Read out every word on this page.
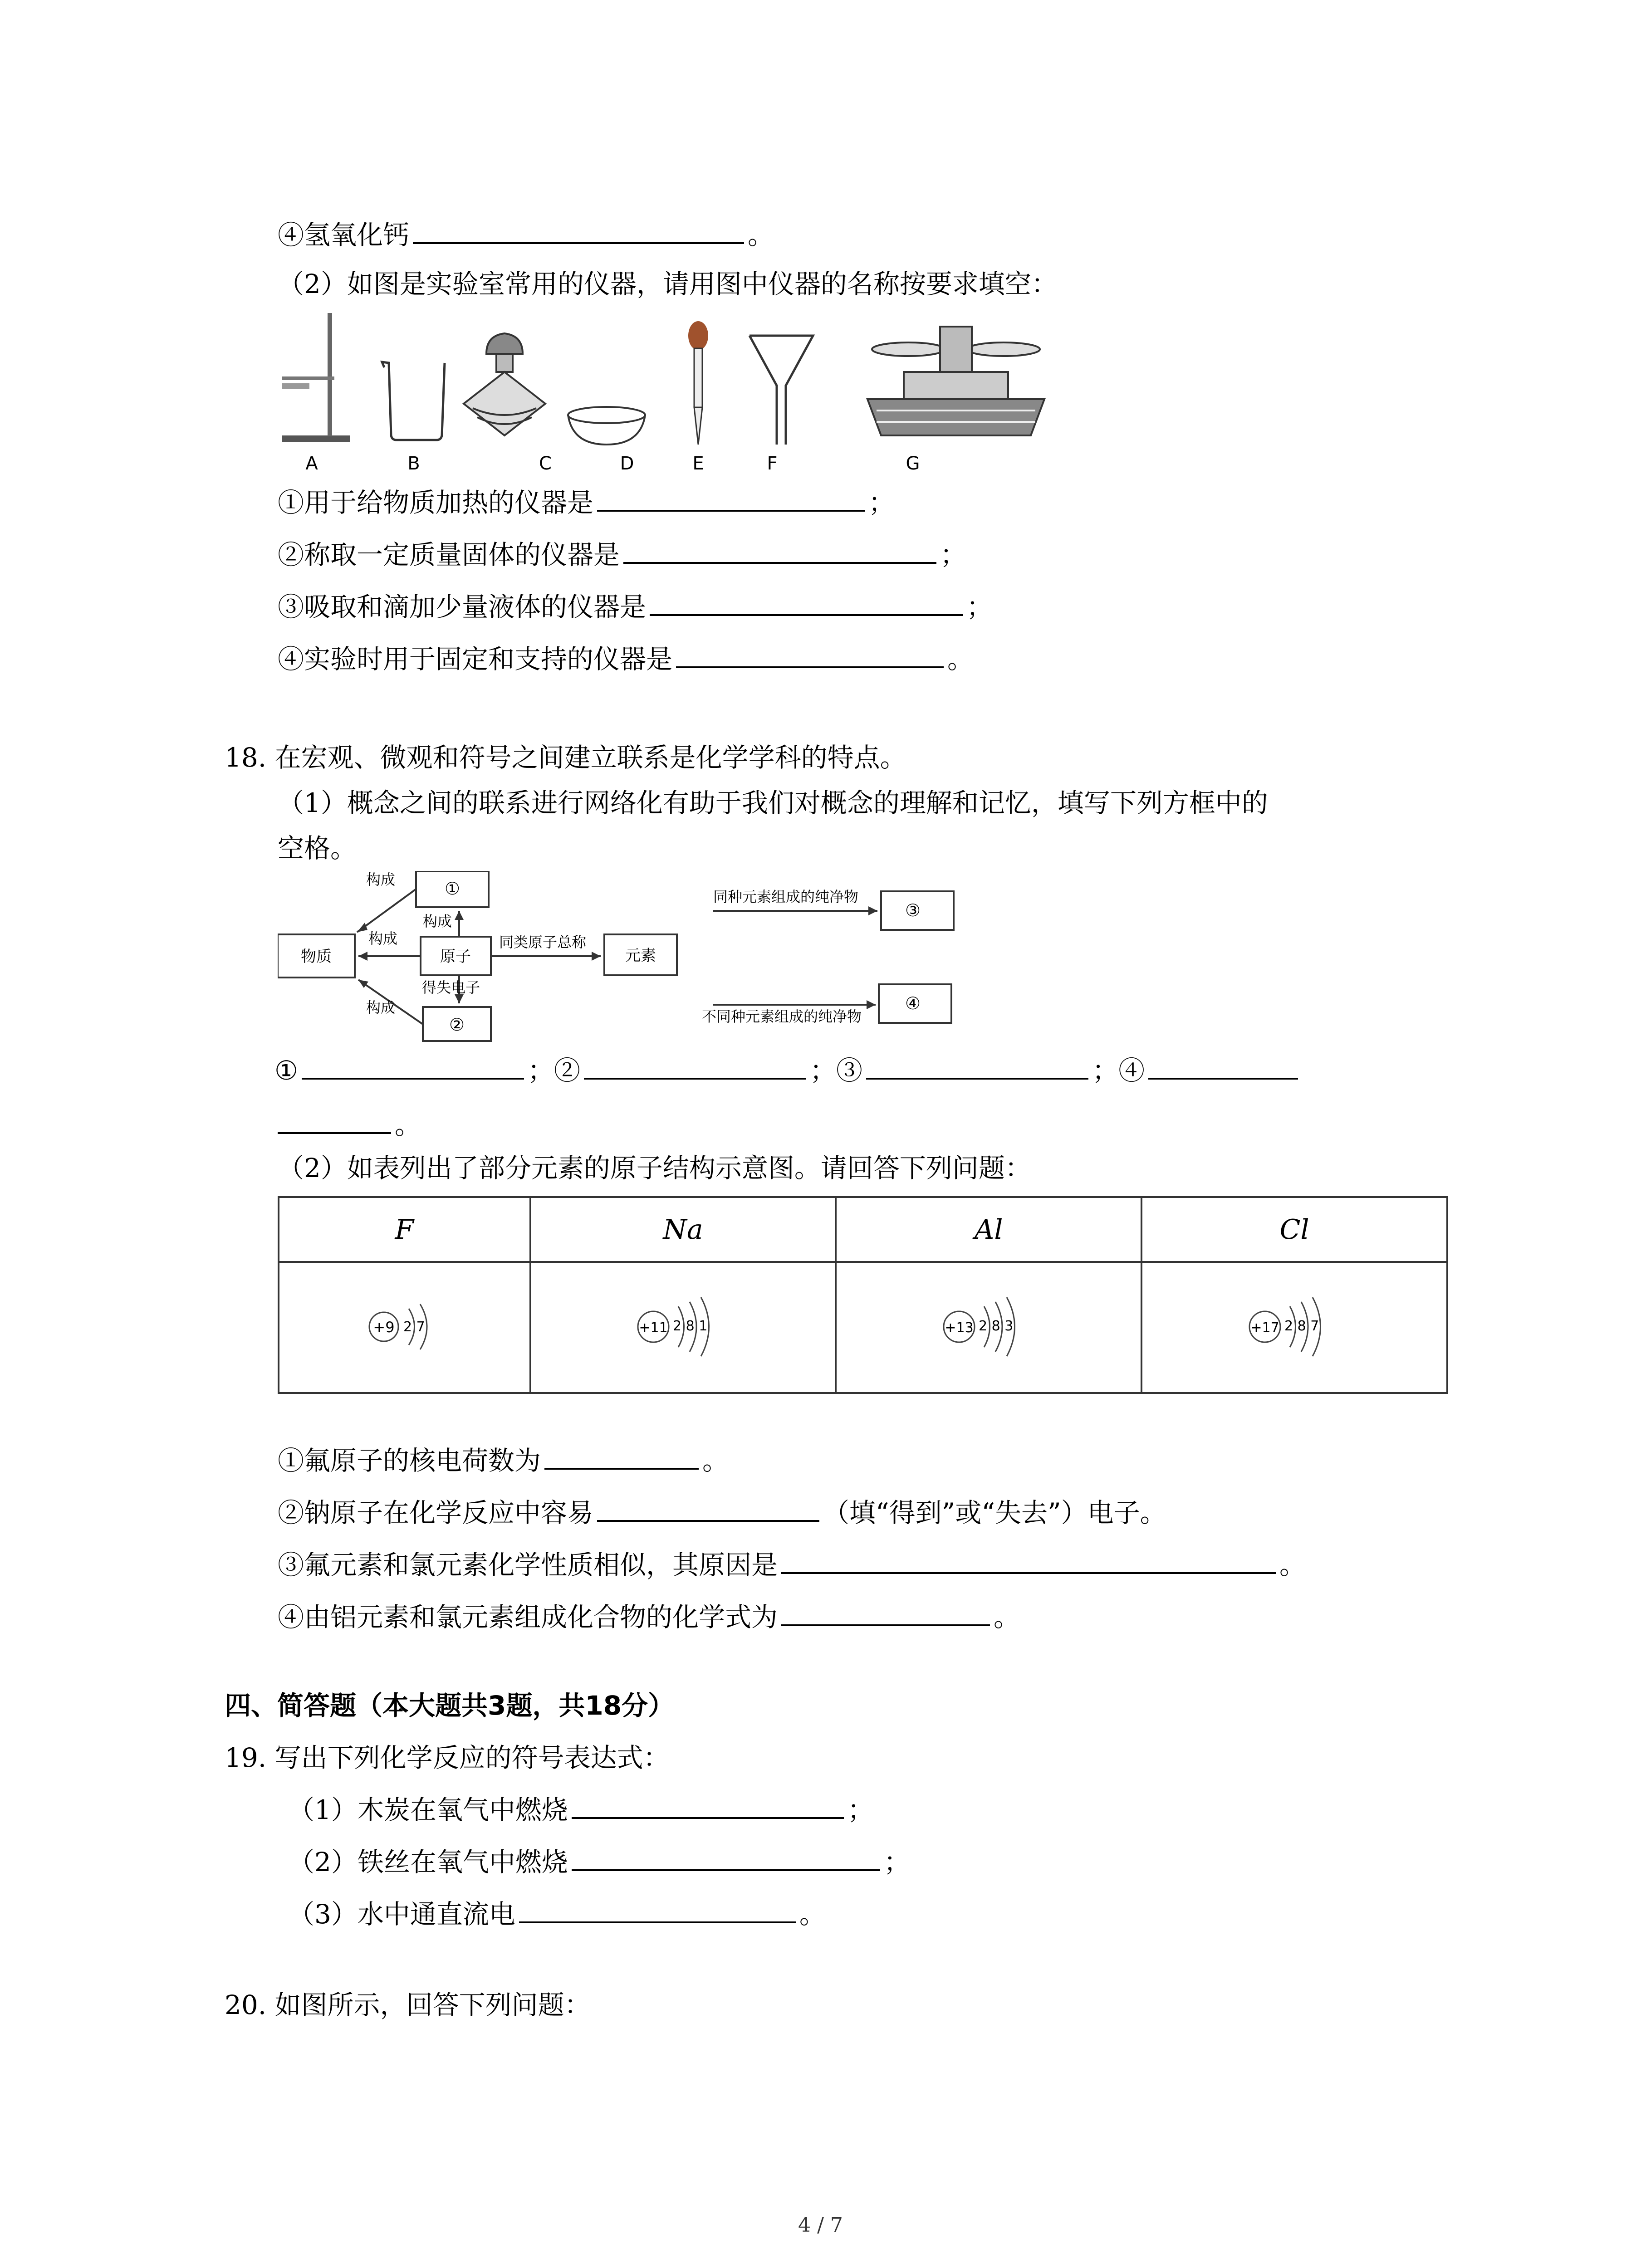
④氢氧化钙	。
（2）如图是实验室常用的仪器，请用图中仪器的名称按要求填空：
A	B	C	D	E	F	G
①用于给物质加热的仪器是	；
②称取一定质量固体的仪器是	；
③吸取和滴加少量液体的仪器是	；
④实验时用于固定和支持的仪器是	。
18. 在宏观、微观和符号之间建立联系是化学学科的特点。
（1）概念之间的联系进行网络化有助于我们对概念的理解和记忆，填写下列方框中的
空格。
物质	原子	元素
①
②
③
④
构成
构成
构成
构成
同类原子总称
得失电子
同种元素组成的纯净物
不同种元素组成的纯净物
①	；②	；③	；④
。
（2）如表列出了部分元素的原子结构示意图。请回答下列问题：
F	Na	Al	Cl

+9 2 7	+11 2 8 1	+13 2 8 3	+17 2 8 7
①氟原子的核电荷数为	。
②钠原子在化学反应中容易	（填“得到”或“失去”）电子。
③氟元素和氯元素化学性质相似，其原因是	。
④由铝元素和氯元素组成化合物的化学式为	。
四、简答题（本大题共3题，共18分）
19. 写出下列化学反应的符号表达式：
（1）木炭在氧气中燃烧	；
（2）铁丝在氧气中燃烧	；
（3）水中通直流电	。
20. 如图所示，回答下列问题：
4 / 7
